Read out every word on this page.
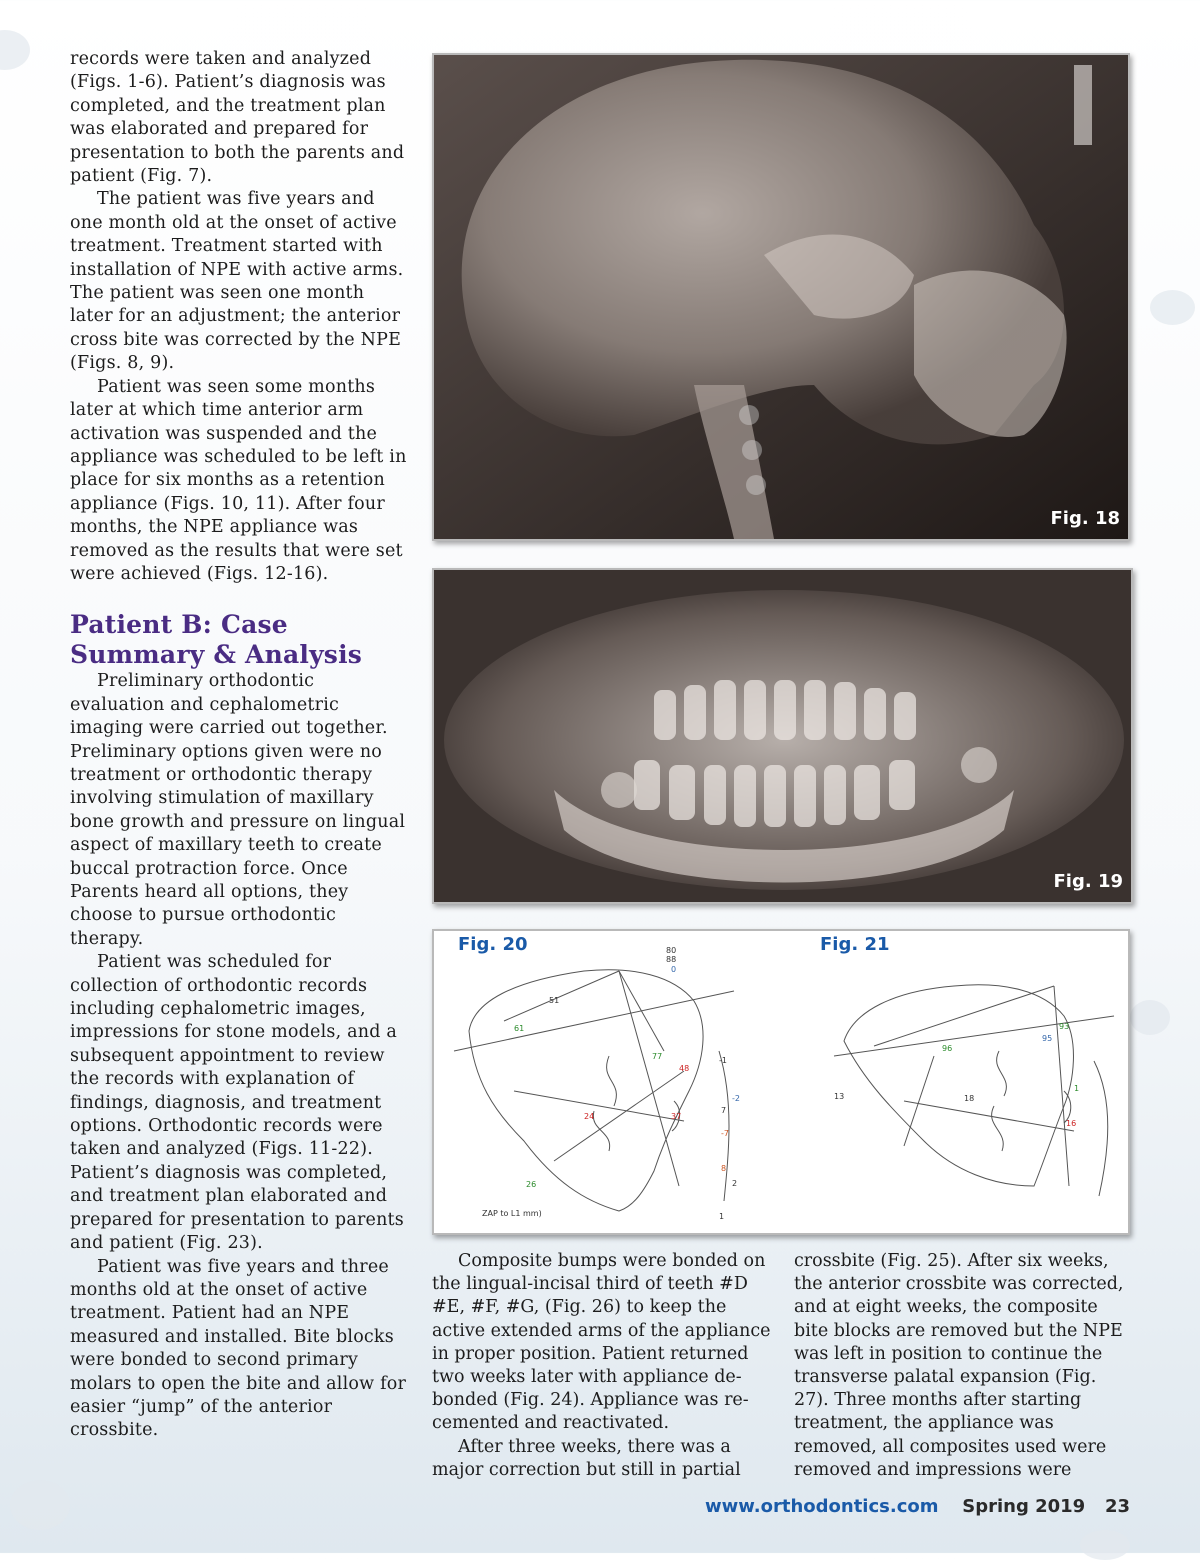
records were taken and analyzed (Figs. 1-6). Patient’s diagnosis was completed, and the treatment plan was elaborated and prepared for presentation to both the parents and patient (Fig. 7).

The patient was five years and one month old at the onset of active treatment. Treatment started with installation of NPE with active arms. The patient was seen one month later for an adjustment; the anterior cross bite was corrected by the NPE (Figs. 8, 9).

Patient was seen some months later at which time anterior arm activation was suspended and the appliance was scheduled to be left in place for six months as a retention appliance (Figs. 10, 11). After four months, the NPE appliance was removed as the results that were set were achieved (Figs. 12-16).

Patient B: Case
Summary & Analysis

Preliminary orthodontic evaluation and cephalometric imaging were carried out together. Preliminary options given were no treatment or orthodontic therapy involving stimulation of maxillary bone growth and pressure on lingual aspect of maxillary teeth to create buccal protraction force. Once Parents heard all options, they choose to pursue orthodontic therapy.

Patient was scheduled for collection of orthodontic records including cephalometric images, impressions for stone models, and a subsequent appointment to review the records with explanation of findings, diagnosis, and treatment options. Orthodontic records were taken and analyzed (Figs. 11-22). Patient’s diagnosis was completed, and treatment plan elaborated and prepared for presentation to parents and patient (Fig. 23).

Patient was five years and three months old at the onset of active treatment. Patient had an NPE measured and installed. Bite blocks were bonded to second primary molars to open the bite and allow for easier “jump” of the anterior crossbite.

Fig. 18
Fig. 19
Fig. 20	Fig. 21
ZAP to L1 mm)
80
88
0
51
61
77
48
-1
-2
7
-7
8
2
1
24
26
37
96
95
93
13	18
1
16

Composite bumps were bonded on the lingual-incisal third of teeth #D #E, #F, #G, (Fig. 26) to keep the active extended arms of the appliance in proper position. Patient returned two weeks later with appliance de-bonded (Fig. 24). Appliance was re-cemented and reactivated.

After three weeks, there was a major correction but still in partial

crossbite (Fig. 25). After six weeks, the anterior crossbite was corrected, and at eight weeks, the composite bite blocks are removed but the NPE was left in position to continue the transverse palatal expansion (Fig. 27). Three months after starting treatment, the appliance was removed, all composites used were removed and impressions were

www.orthodontics.com Spring 2019 23
